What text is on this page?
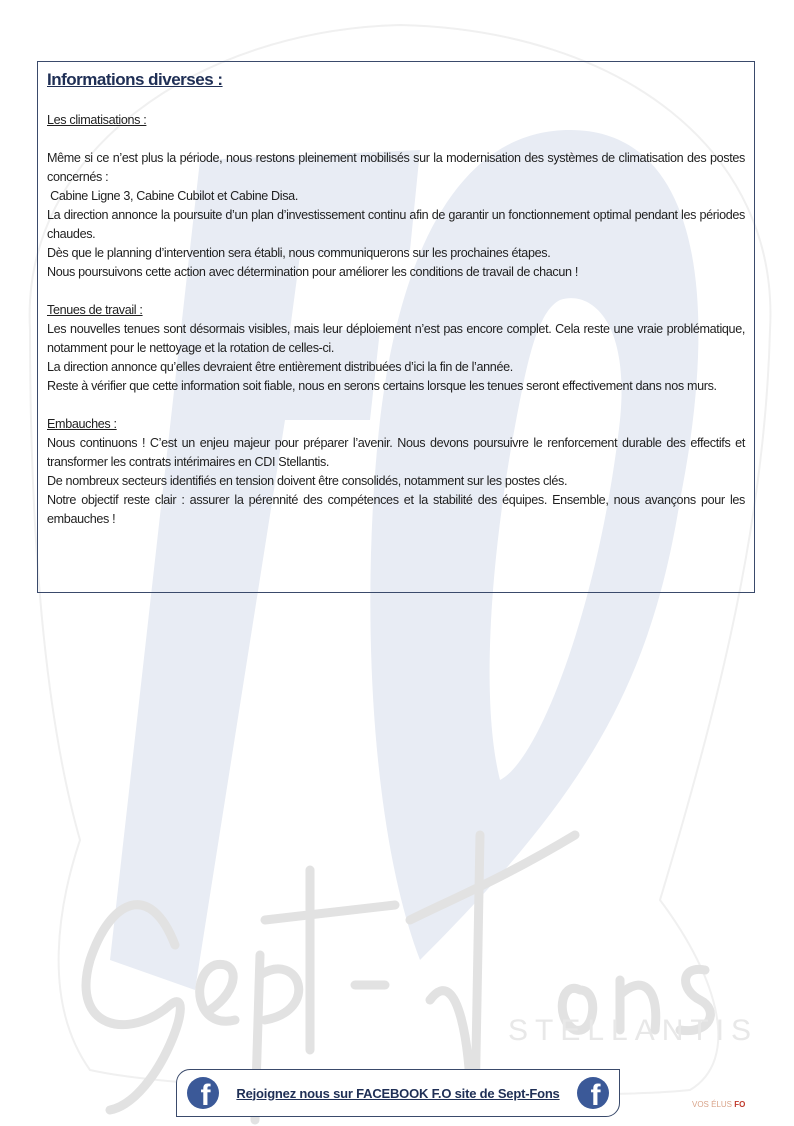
STELLANTIS
Informations diverses :

Les climatisations :

Même si ce n’est plus la période, nous restons pleinement mobilisés sur la modernisation des systèmes de climatisation des postes concernés :

Cabine Ligne 3, Cabine Cubilot et Cabine Disa.

La direction annonce la poursuite d’un plan d’investissement continu afin de garantir un fonctionnement optimal pendant les périodes chaudes.

Dès que le planning d’intervention sera établi, nous communiquerons sur les prochaines étapes.

Nous poursuivons cette action avec détermination pour améliorer les conditions de travail de chacun !

Tenues de travail :

Les nouvelles tenues sont désormais visibles, mais leur déploiement n’est pas encore complet. Cela reste une vraie problématique, notamment pour le nettoyage et la rotation de celles-ci.

La direction annonce qu’elles devraient être entièrement distribuées d’ici la fin de l’année.

Reste à vérifier que cette information soit fiable, nous en serons certains lorsque les tenues seront effectivement dans nos murs.

Embauches :

Nous continuons ! C’est un enjeu majeur pour préparer l’avenir. Nous devons poursuivre le renforcement durable des effectifs et transformer les contrats intérimaires en CDI Stellantis.

De nombreux secteurs identifiés en tension doivent être consolidés, notamment sur les postes clés.

Notre objectif reste clair : assurer la pérennité des compétences et la stabilité des équipes. Ensemble, nous avançons pour les embauches !

f Rejoignez nous sur FACEBOOK F.O site de Sept-Fons f	VOS ÉLUS FO
